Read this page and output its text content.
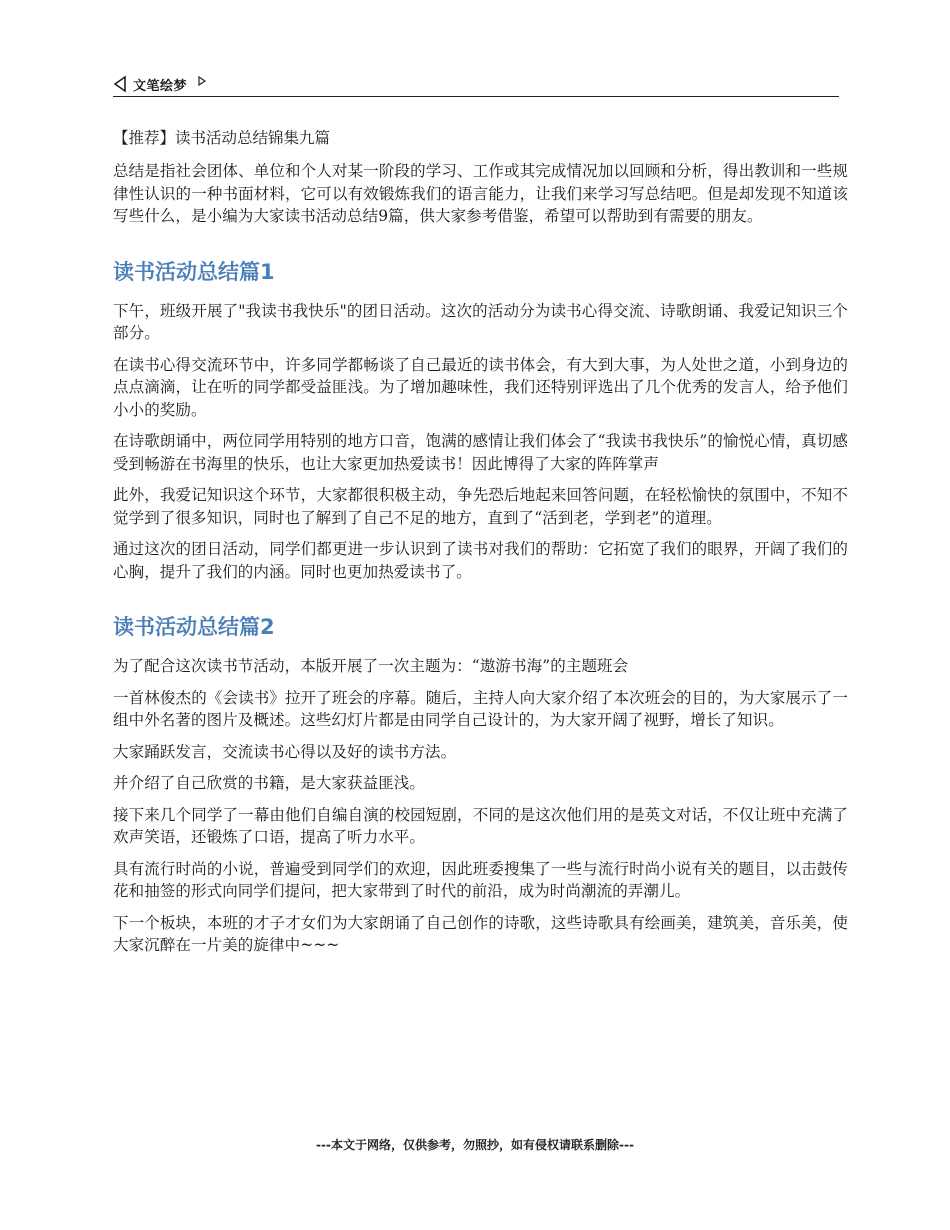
文笔绘梦
【推荐】读书活动总结锦集九篇

总结是指社会团体、单位和个人对某一阶段的学习、工作或其完成情况加以回顾和分析，得出教训和一些规律性认识的一种书面材料，它可以有效锻炼我们的语言能力，让我们来学习写总结吧。但是却发现不知道该写些什么，是小编为大家读书活动总结9篇，供大家参考借鉴，希望可以帮助到有需要的朋友。

读书活动总结篇1

下午，班级开展了"我读书我快乐"的团日活动。这次的活动分为读书心得交流、诗歌朗诵、我爱记知识三个部分。

在读书心得交流环节中，许多同学都畅谈了自己最近的读书体会，有大到大事，为人处世之道，小到身边的点点滴滴，让在听的同学都受益匪浅。为了增加趣味性，我们还特别评选出了几个优秀的发言人，给予他们小小的奖励。

在诗歌朗诵中，两位同学用特别的地方口音，饱满的感情让我们体会了“我读书我快乐”的愉悦心情，真切感受到畅游在书海里的快乐，也让大家更加热爱读书！因此博得了大家的阵阵掌声

此外，我爱记知识这个环节，大家都很积极主动，争先恐后地起来回答问题，在轻松愉快的氛围中，不知不觉学到了很多知识，同时也了解到了自己不足的地方，直到了“活到老，学到老”的道理。

通过这次的团日活动，同学们都更进一步认识到了读书对我们的帮助：它拓宽了我们的眼界，开阔了我们的心胸，提升了我们的内涵。同时也更加热爱读书了。

读书活动总结篇2

为了配合这次读书节活动，本版开展了一次主题为：“遨游书海”的主题班会

一首林俊杰的《会读书》拉开了班会的序幕。随后，主持人向大家介绍了本次班会的目的，为大家展示了一组中外名著的图片及概述。这些幻灯片都是由同学自己设计的，为大家开阔了视野，增长了知识。

大家踊跃发言，交流读书心得以及好的读书方法。

并介绍了自己欣赏的书籍，是大家获益匪浅。

接下来几个同学了一幕由他们自编自演的校园短剧，不同的是这次他们用的是英文对话，不仅让班中充满了欢声笑语，还锻炼了口语，提高了听力水平。

具有流行时尚的小说，普遍受到同学们的欢迎，因此班委搜集了一些与流行时尚小说有关的题目，以击鼓传花和抽签的形式向同学们提问，把大家带到了时代的前沿，成为时尚潮流的弄潮儿。

下一个板块，本班的才子才女们为大家朗诵了自己创作的诗歌，这些诗歌具有绘画美，建筑美，音乐美，使大家沉醉在一片美的旋律中~~~

---本文于网络，仅供参考，勿照抄，如有侵权请联系删除---
